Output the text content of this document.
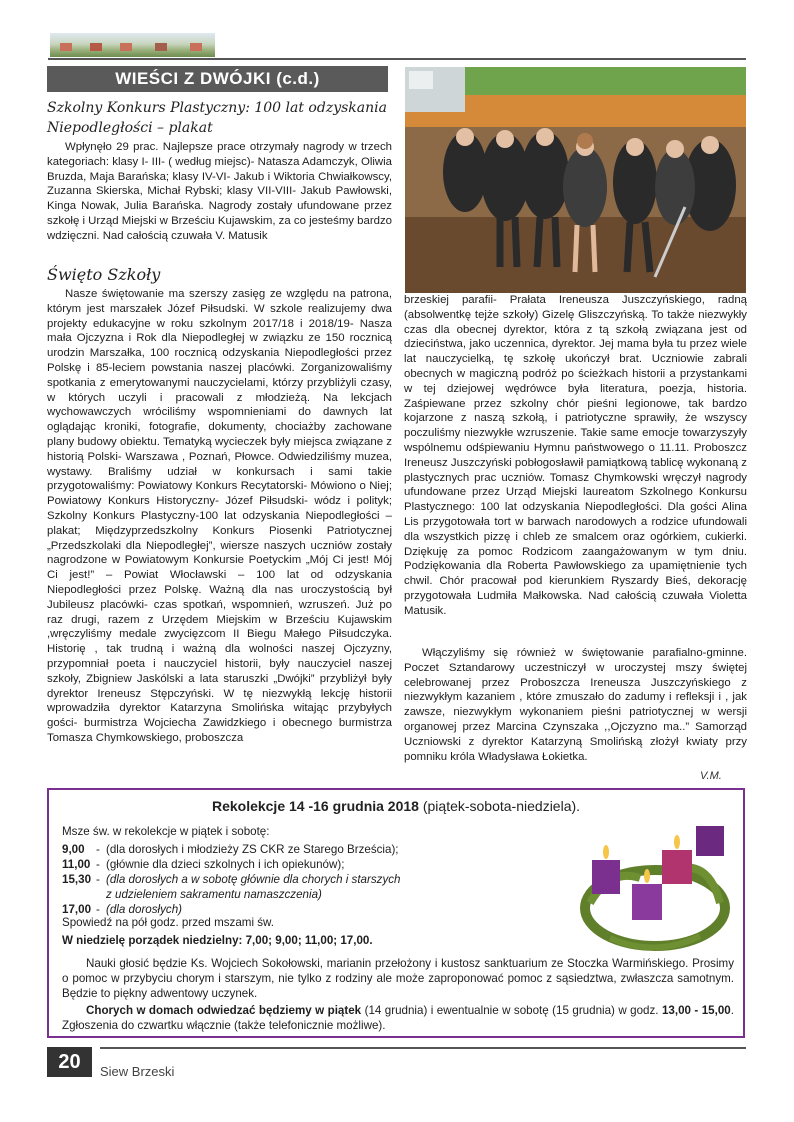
WIEŚCI Z DWÓJKI (c.d.)
Szkolny Konkurs Plastyczny: 100 lat odzyskania Niepodległości – plakat
Wpłynęło 29 prac. Najlepsze prace otrzymały nagrody w trzech kategoriach: klasy I- III- ( według miejsc)- Natasza Adamczyk, Oliwia Bruzda, Maja Barańska; klasy IV-VI- Jakub i Wiktoria Chwiałkowscy, Zuzanna Skierska, Michał Rybski; klasy VII-VIII- Jakub Pawłowski, Kinga Nowak, Julia Barańska. Nagrody zostały ufundowane przez szkołę i Urząd Miejski w Brześciu Kujawskim, za co jesteśmy bardzo wdzięczni. Nad całością czuwała V. Matusik
Święto Szkoły
Nasze świętowanie ma szerszy zasięg ze względu na patrona, którym jest marszałek Józef Piłsudski. W szkole realizujemy dwa projekty edukacyjne w roku szkolnym 2017/18 i 2018/19- Nasza mała Ojczyzna i Rok dla Niepodległej w związku ze 150 rocznicą urodzin Marszałka, 100 rocznicą odzyskania Niepodległości przez Polskę i 85-leciem powstania naszej placówki. Zorganizowaliśmy spotkania z emerytowanymi nauczycielami, którzy przybliżyli czasy, w których uczyli i pracowali z młodzieżą. Na lekcjach wychowawczych wróciliśmy wspomnieniami do dawnych lat oglądając kroniki, fotografie, dokumenty, chociażby zachowane plany budowy obiektu. Tematyką wycieczek były miejsca związane z historią Polski- Warszawa , Poznań, Płowce. Odwiedziliśmy muzea, wystawy. Braliśmy udział w konkursach i sami takie przygotowaliśmy: Powiatowy Konkurs Recytatorski- Mówiono o Niej; Powiatowy Konkurs Historyczny- Józef Piłsudski- wódz i polityk; Szkolny Konkurs Plastyczny-100 lat odzyskania Niepodległości – plakat; Międzyprzedszkolny Konkurs Piosenki Patriotycznej „Przedszkolaki dla Niepodległej”, wiersze naszych uczniów zostały nagrodzone w Powiatowym Konkursie Poetyckim „Mój Ci jest! Mój Ci jest!” – Powiat Włocławski – 100 lat od odzyskania Niepodległości przez Polskę. Ważną dla nas uroczystością był Jubileusz placówki- czas spotkań, wspomnień, wzruszeń. Już po raz drugi, razem z Urzędem Miejskim w Brześciu Kujawskim ,wręczyliśmy medale zwycięzcom II Biegu Małego Piłsudczyka. Historię , tak trudną i ważną dla wolności naszej Ojczyzny, przypomniał poeta i nauczyciel historii, były nauczyciel naszej szkoły, Zbigniew Jaskólski a lata staruszki „Dwójki” przybliżył były dyrektor Ireneusz Stępczyński. W tę niezwykłą lekcję historii wprowadziła dyrektor Katarzyna Smolińska witając przybyłych gości- burmistrza Wojciecha Zawidzkiego i obecnego burmistrza Tomasza Chymkowskiego, proboszcza
brzeskiej parafii- Prałata Ireneusza Juszczyńskiego, radną (absolwentkę tejże szkoły) Gizelę Gliszczyńską. To także niezwykły czas dla obecnej dyrektor, która z tą szkołą związana jest od dzieciństwa, jako uczennica, dyrektor. Jej mama była tu przez wiele lat nauczycielką, tę szkołę ukończył brat. Uczniowie zabrali obecnych w magiczną podróż po ścieżkach historii a przystankami w tej dziejowej wędrówce była literatura, poezja, historia. Zaśpiewane przez szkolny chór pieśni legionowe, tak bardzo kojarzone z naszą szkołą, i patriotyczne sprawiły, że wszyscy poczuliśmy niezwykłe wzruszenie. Takie same emocje towarzyszyły wspólnemu odśpiewaniu Hymnu państwowego o 11.11. Proboszcz Ireneusz Juszczyński pobłogosławił pamiątkową tablicę wykonaną z plastycznych prac uczniów. Tomasz Chymkowski wręczył nagrody ufundowane przez Urząd Miejski laureatom Szkolnego Konkursu Plastycznego: 100 lat odzyskania Niepodległości. Dla gości Alina Lis przygotowała tort w barwach narodowych a rodzice ufundowali dla wszystkich pizzę i chleb ze smalcem oraz ogórkiem, cukierki. Dziękuję za pomoc Rodzicom zaangażowanym w tym dniu. Podziękowania dla Roberta Pawłowskiego za upamiętnienie tych chwil. Chór pracował pod kierunkiem Ryszardy Bieś, dekorację przygotowała Ludmiła Małkowska. Nad całością czuwała Violetta Matusik.
Włączyliśmy się również w świętowanie parafialno-gminne. Poczet Sztandarowy uczestniczył w uroczystej mszy świętej celebrowanej przez Proboszcza Ireneusza Juszczyńskiego z niezwykłym kazaniem , które zmuszało do zadumy i refleksji i , jak zawsze, niezwykłym wykonaniem pieśni patriotycznej w wersji organowej przez Marcina Czynszaka ,,Ojczyzno ma..” Samorząd Uczniowski z dyrektor Katarzyną Smolińską złożył kwiaty przy pomniku króla Władysława Łokietka.
V.M.
Rekolekcje 14 -16 grudnia 2018 (piątek-sobota-niedziela).
Msze św. w rekolekcje w piątek i sobotę:
9,00 - (dla dorosłych i młodzieży ZS CKR ze Starego Brześcia);
11,00 - (głównie dla dzieci szkolnych i ich opiekunów);
15,30 - (dla dorosłych a w sobotę głównie dla chorych i starszych
z udzieleniem sakramentu namaszczenia)
17,00 - (dla dorosłych)
Spowiedź na pół godz. przed mszami św.
W niedzielę porządek niedzielny: 7,00; 9,00; 11,00; 17,00.
Nauki głosić będzie Ks. Wojciech Sokołowski, marianin przełożony i kustosz sanktuarium ze Stoczka Warmińskiego. Prosimy o pomoc w przybyciu chorym i starszym, nie tylko z rodziny ale może zaproponować pomoc z sąsiedztwa, zwłaszcza samotnym. Będzie to piękny adwentowy uczynek.
Chorych w domach odwiedzać będziemy w piątek (14 grudnia) i ewentualnie w sobotę (15 grudnia) w godz. 13,00 - 15,00. Zgłoszenia do czwartku włącznie (także telefonicznie możliwe).
20	Siew Brzeski
